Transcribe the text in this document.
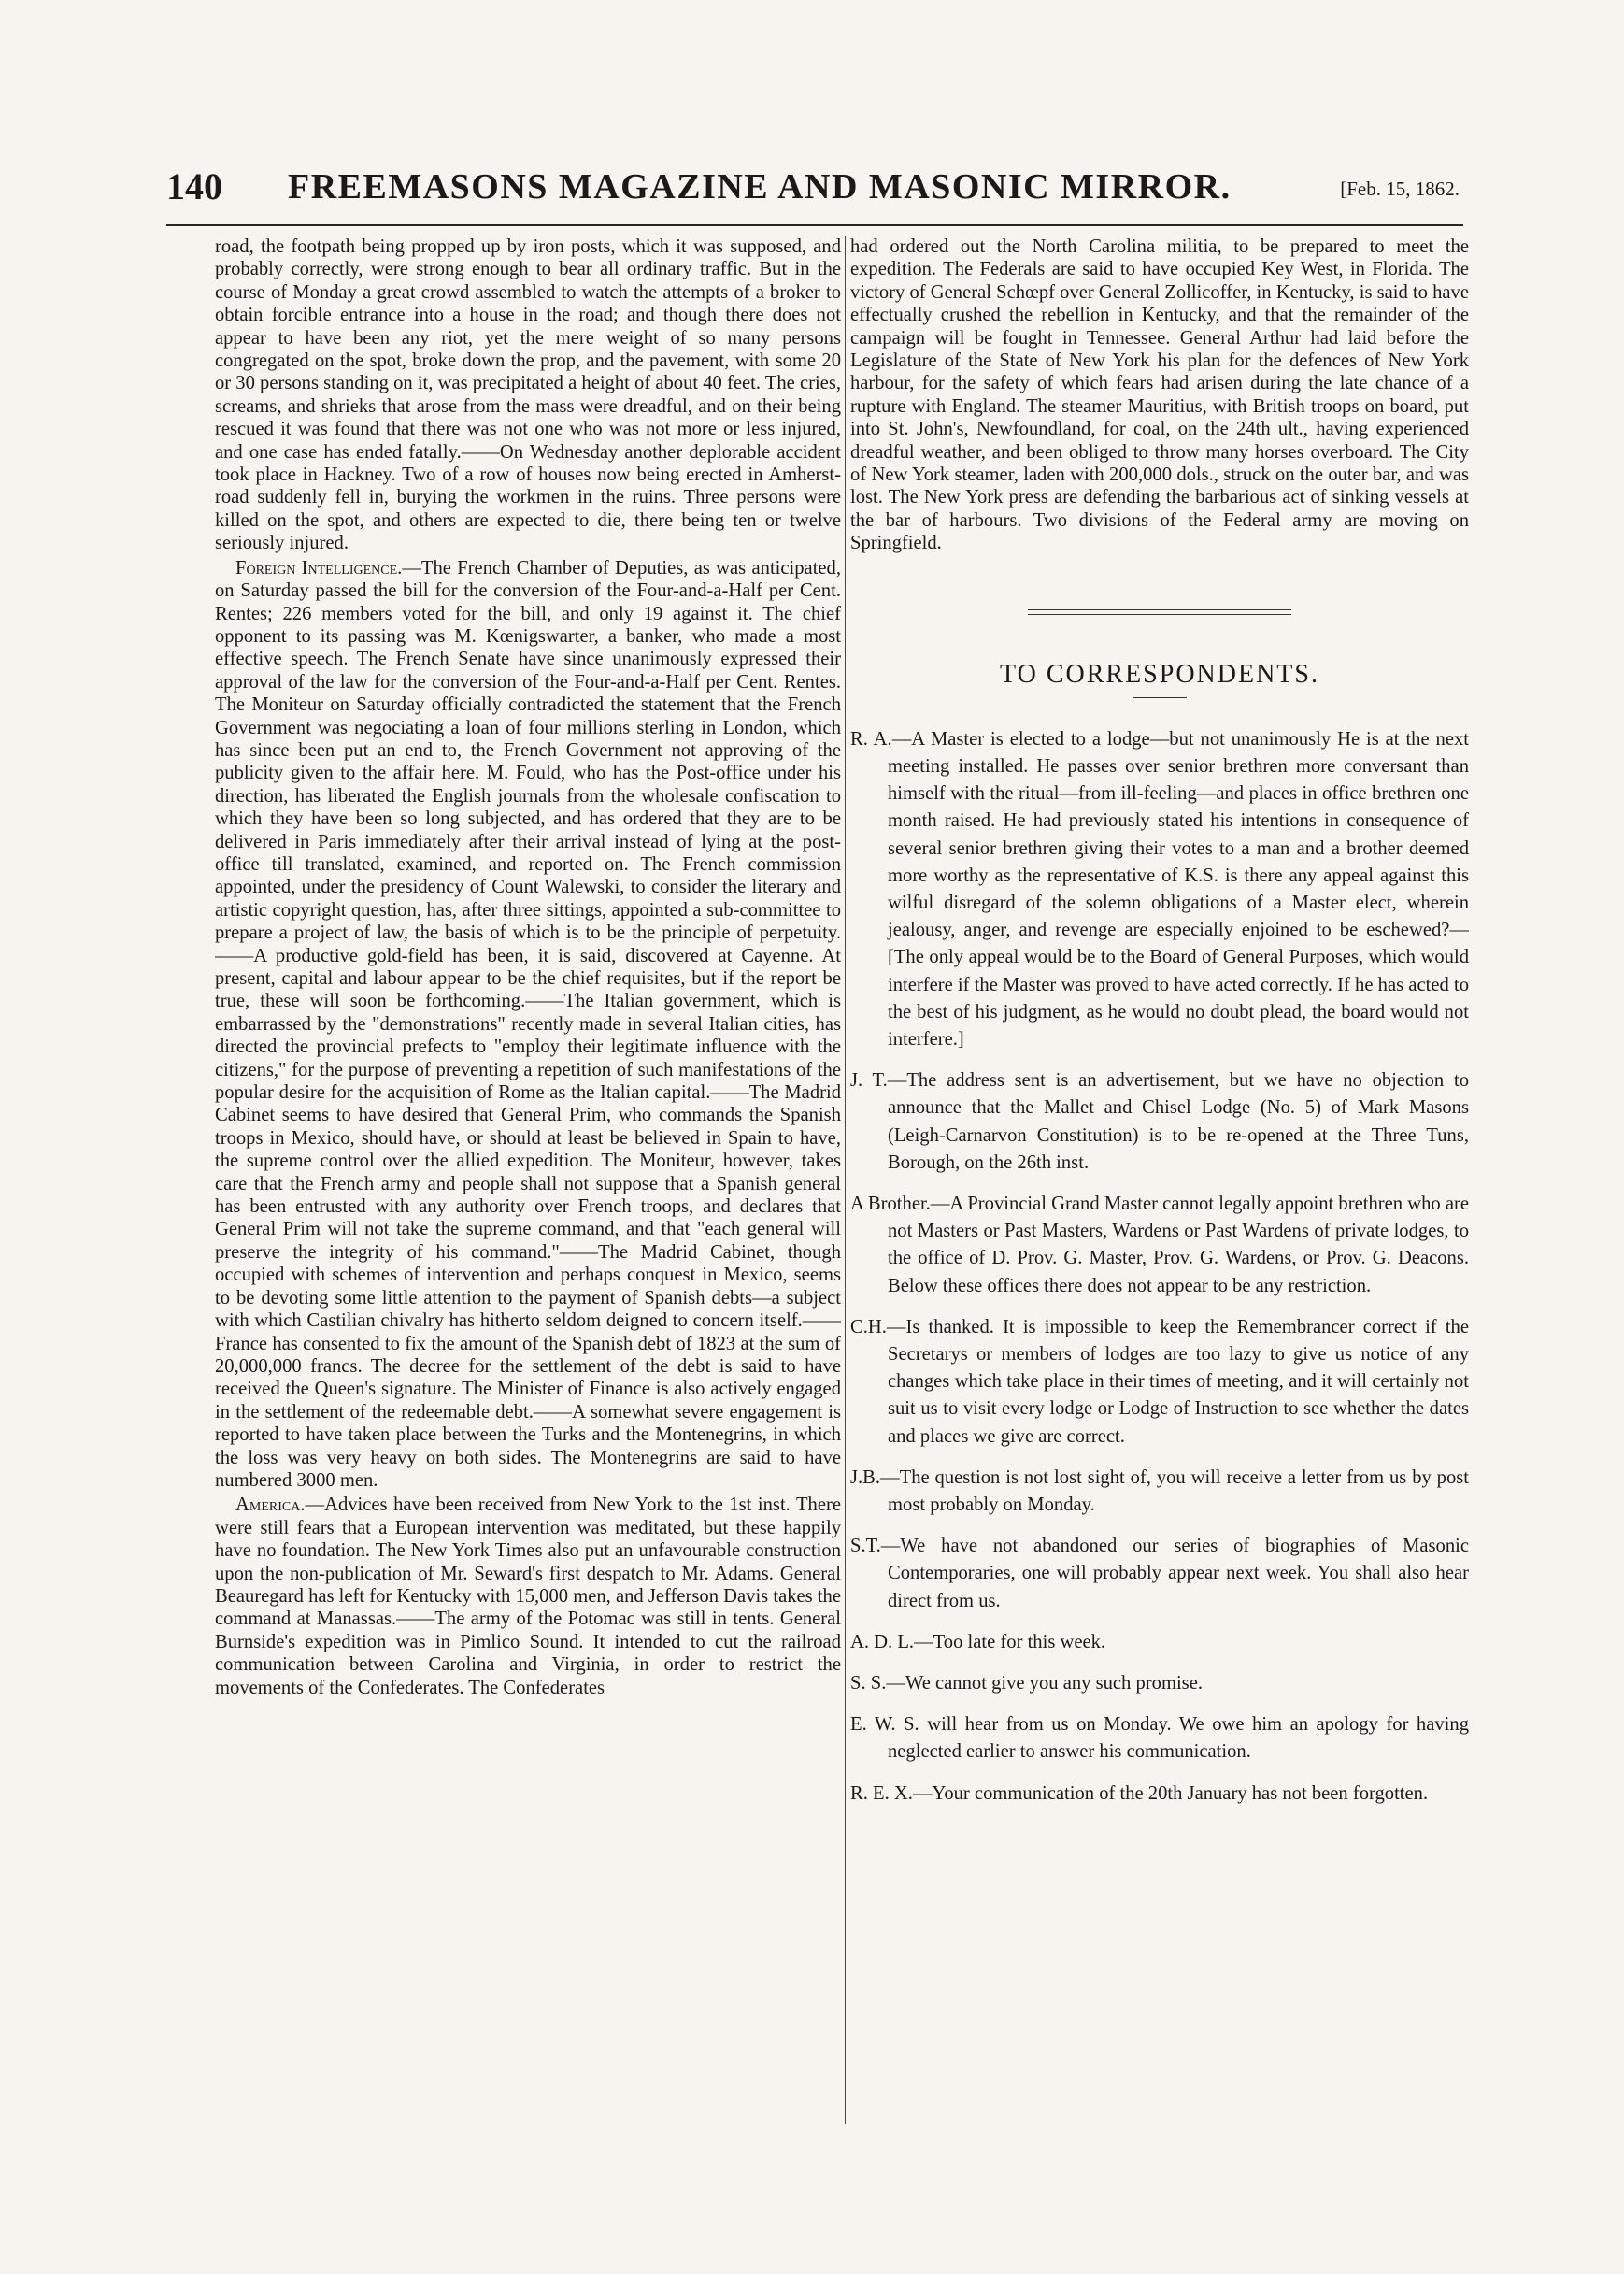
140 FREEMASONS MAGAZINE AND MASONIC MIRROR.	[Feb. 15, 1862.

road, the footpath being propped up by iron posts, which it was supposed, and probably correctly, were strong enough to bear all ordinary traffic. But in the course of Monday a great crowd assembled to watch the attempts of a broker to obtain forcible entrance into a house in the road; and though there does not appear to have been any riot, yet the mere weight of so many persons congregated on the spot, broke down the prop, and the pavement, with some 20 or 30 persons standing on it, was precipitated a height of about 40 feet. The cries, screams, and shrieks that arose from the mass were dreadful, and on their being rescued it was found that there was not one who was not more or less injured, and one case has ended fatally.——On Wednesday another deplorable accident took place in Hackney. Two of a row of houses now being erected in Amherst-road suddenly fell in, burying the workmen in the ruins. Three persons were killed on the spot, and others are expected to die, there being ten or twelve seriously injured.

Foreign Intelligence.—The French Chamber of Deputies, as was anticipated, on Saturday passed the bill for the conversion of the Four-and-a-Half per Cent. Rentes; 226 members voted for the bill, and only 19 against it. The chief opponent to its passing was M. Kœnigswarter, a banker, who made a most effective speech. The French Senate have since unanimously expressed their approval of the law for the conversion of the Four-and-a-Half per Cent. Rentes. The Moniteur on Saturday officially contradicted the statement that the French Government was negociating a loan of four millions sterling in London, which has since been put an end to, the French Government not approving of the publicity given to the affair here. M. Fould, who has the Post-office under his direction, has liberated the English journals from the wholesale confiscation to which they have been so long subjected, and has ordered that they are to be delivered in Paris immediately after their arrival instead of lying at the post-office till translated, examined, and reported on. The French commission appointed, under the presidency of Count Walewski, to consider the literary and artistic copyright question, has, after three sittings, appointed a sub-committee to prepare a project of law, the basis of which is to be the principle of perpetuity.——A productive gold-field has been, it is said, discovered at Cayenne. At present, capital and labour appear to be the chief requisites, but if the report be true, these will soon be forthcoming.——The Italian government, which is embarrassed by the "demonstrations" recently made in several Italian cities, has directed the provincial prefects to "employ their legitimate influence with the citizens," for the purpose of preventing a repetition of such manifestations of the popular desire for the acquisition of Rome as the Italian capital.——The Madrid Cabinet seems to have desired that General Prim, who commands the Spanish troops in Mexico, should have, or should at least be believed in Spain to have, the supreme control over the allied expedition. The Moniteur, however, takes care that the French army and people shall not suppose that a Spanish general has been entrusted with any authority over French troops, and declares that General Prim will not take the supreme command, and that "each general will preserve the integrity of his command."——The Madrid Cabinet, though occupied with schemes of intervention and perhaps conquest in Mexico, seems to be devoting some little attention to the payment of Spanish debts—a subject with which Castilian chivalry has hitherto seldom deigned to concern itself.——France has consented to fix the amount of the Spanish debt of 1823 at the sum of 20,000,000 francs. The decree for the settlement of the debt is said to have received the Queen's signature. The Minister of Finance is also actively engaged in the settlement of the redeemable debt.——A somewhat severe engagement is reported to have taken place between the Turks and the Montenegrins, in which the loss was very heavy on both sides. The Montenegrins are said to have numbered 3000 men.

America.—Advices have been received from New York to the 1st inst. There were still fears that a European intervention was meditated, but these happily have no foundation. The New York Times also put an unfavourable construction upon the non-publication of Mr. Seward's first despatch to Mr. Adams. General Beauregard has left for Kentucky with 15,000 men, and Jefferson Davis takes the command at Manassas.——The army of the Potomac was still in tents. General Burnside's expedition was in Pimlico Sound. It intended to cut the railroad communication between Carolina and Virginia, in order to restrict the movements of the Confederates. The Confederates

had ordered out the North Carolina militia, to be prepared to meet the expedition. The Federals are said to have occupied Key West, in Florida. The victory of General Schœpf over General Zollicoffer, in Kentucky, is said to have effectually crushed the rebellion in Kentucky, and that the remainder of the campaign will be fought in Tennessee. General Arthur had laid before the Legislature of the State of New York his plan for the defences of New York harbour, for the safety of which fears had arisen during the late chance of a rupture with England. The steamer Mauritius, with British troops on board, put into St. John's, Newfoundland, for coal, on the 24th ult., having experienced dreadful weather, and been obliged to throw many horses overboard. The City of New York steamer, laden with 200,000 dols., struck on the outer bar, and was lost. The New York press are defending the barbarious act of sinking vessels at the bar of harbours. Two divisions of the Federal army are moving on Springfield.

TO CORRESPONDENTS.

R. A.—A Master is elected to a lodge—but not unanimously He is at the next meeting installed. He passes over senior brethren more conversant than himself with the ritual—from ill-feeling—and places in office brethren one month raised. He had previously stated his intentions in consequence of several senior brethren giving their votes to a man and a brother deemed more worthy as the representative of K.S. is there any appeal against this wilful disregard of the solemn obligations of a Master elect, wherein jealousy, anger, and revenge are especially enjoined to be eschewed?—[The only appeal would be to the Board of General Purposes, which would interfere if the Master was proved to have acted correctly. If he has acted to the best of his judgment, as he would no doubt plead, the board would not interfere.]

J. T.—The address sent is an advertisement, but we have no objection to announce that the Mallet and Chisel Lodge (No. 5) of Mark Masons (Leigh-Carnarvon Constitution) is to be re-opened at the Three Tuns, Borough, on the 26th inst.

A Brother.—A Provincial Grand Master cannot legally appoint brethren who are not Masters or Past Masters, Wardens or Past Wardens of private lodges, to the office of D. Prov. G. Master, Prov. G. Wardens, or Prov. G. Deacons. Below these offices there does not appear to be any restriction.

C.H.—Is thanked. It is impossible to keep the Remembrancer correct if the Secretarys or members of lodges are too lazy to give us notice of any changes which take place in their times of meeting, and it will certainly not suit us to visit every lodge or Lodge of Instruction to see whether the dates and places we give are correct.

J.B.—The question is not lost sight of, you will receive a letter from us by post most probably on Monday.

S.T.—We have not abandoned our series of biographies of Masonic Contemporaries, one will probably appear next week. You shall also hear direct from us.

A. D. L.—Too late for this week.

S. S.—We cannot give you any such promise.

E. W. S. will hear from us on Monday. We owe him an apology for having neglected earlier to answer his communication.

R. E. X.—Your communication of the 20th January has not been forgotten.
